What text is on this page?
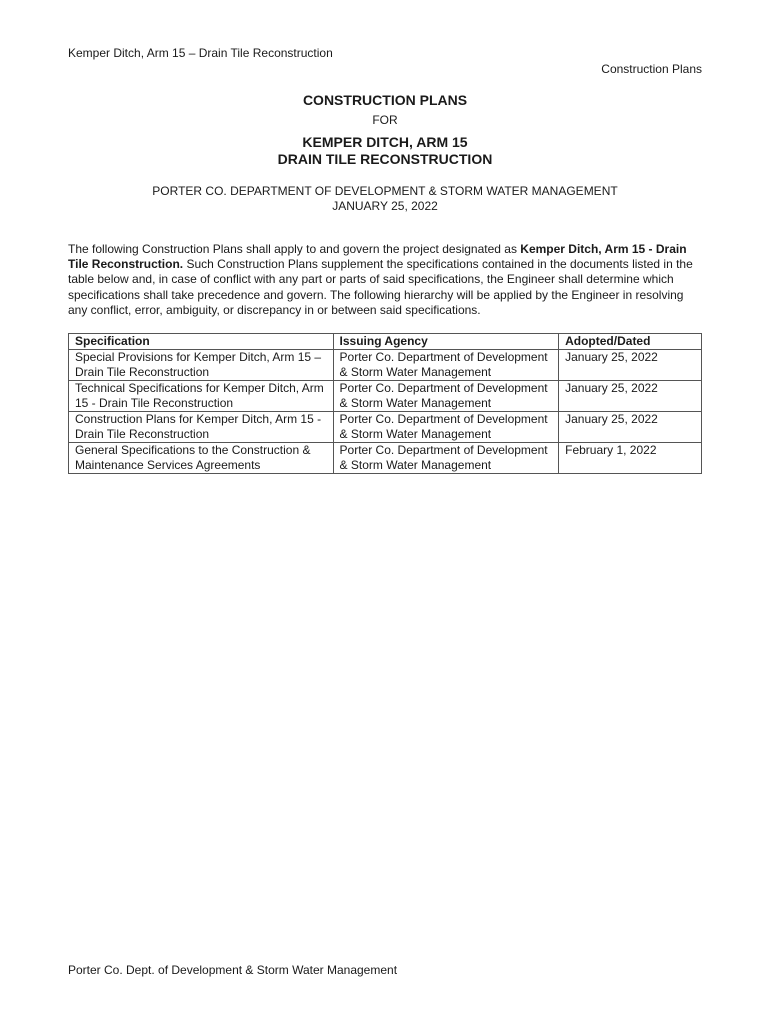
Kemper Ditch, Arm 15 – Drain Tile Reconstruction
Construction Plans
CONSTRUCTION PLANS
FOR
KEMPER DITCH, ARM 15
DRAIN TILE RECONSTRUCTION
PORTER CO. DEPARTMENT OF DEVELOPMENT & STORM WATER MANAGEMENT
JANUARY 25, 2022
The following Construction Plans shall apply to and govern the project designated as Kemper Ditch, Arm 15 - Drain Tile Reconstruction. Such Construction Plans supplement the specifications contained in the documents listed in the table below and, in case of conflict with any part or parts of said specifications, the Engineer shall determine which specifications shall take precedence and govern. The following hierarchy will be applied by the Engineer in resolving any conflict, error, ambiguity, or discrepancy in or between said specifications.
Specification	Issuing Agency	Adopted/Dated
Special Provisions for Kemper Ditch, Arm 15 – Drain Tile Reconstruction	Porter Co. Department of Development & Storm Water Management	January 25, 2022
Technical Specifications for Kemper Ditch, Arm 15 - Drain Tile Reconstruction	Porter Co. Department of Development & Storm Water Management	January 25, 2022
Construction Plans for Kemper Ditch, Arm 15 - Drain Tile Reconstruction	Porter Co. Department of Development & Storm Water Management	January 25, 2022
General Specifications to the Construction & Maintenance Services Agreements	Porter Co. Department of Development & Storm Water Management	February 1, 2022
Porter Co. Dept. of Development & Storm Water Management
